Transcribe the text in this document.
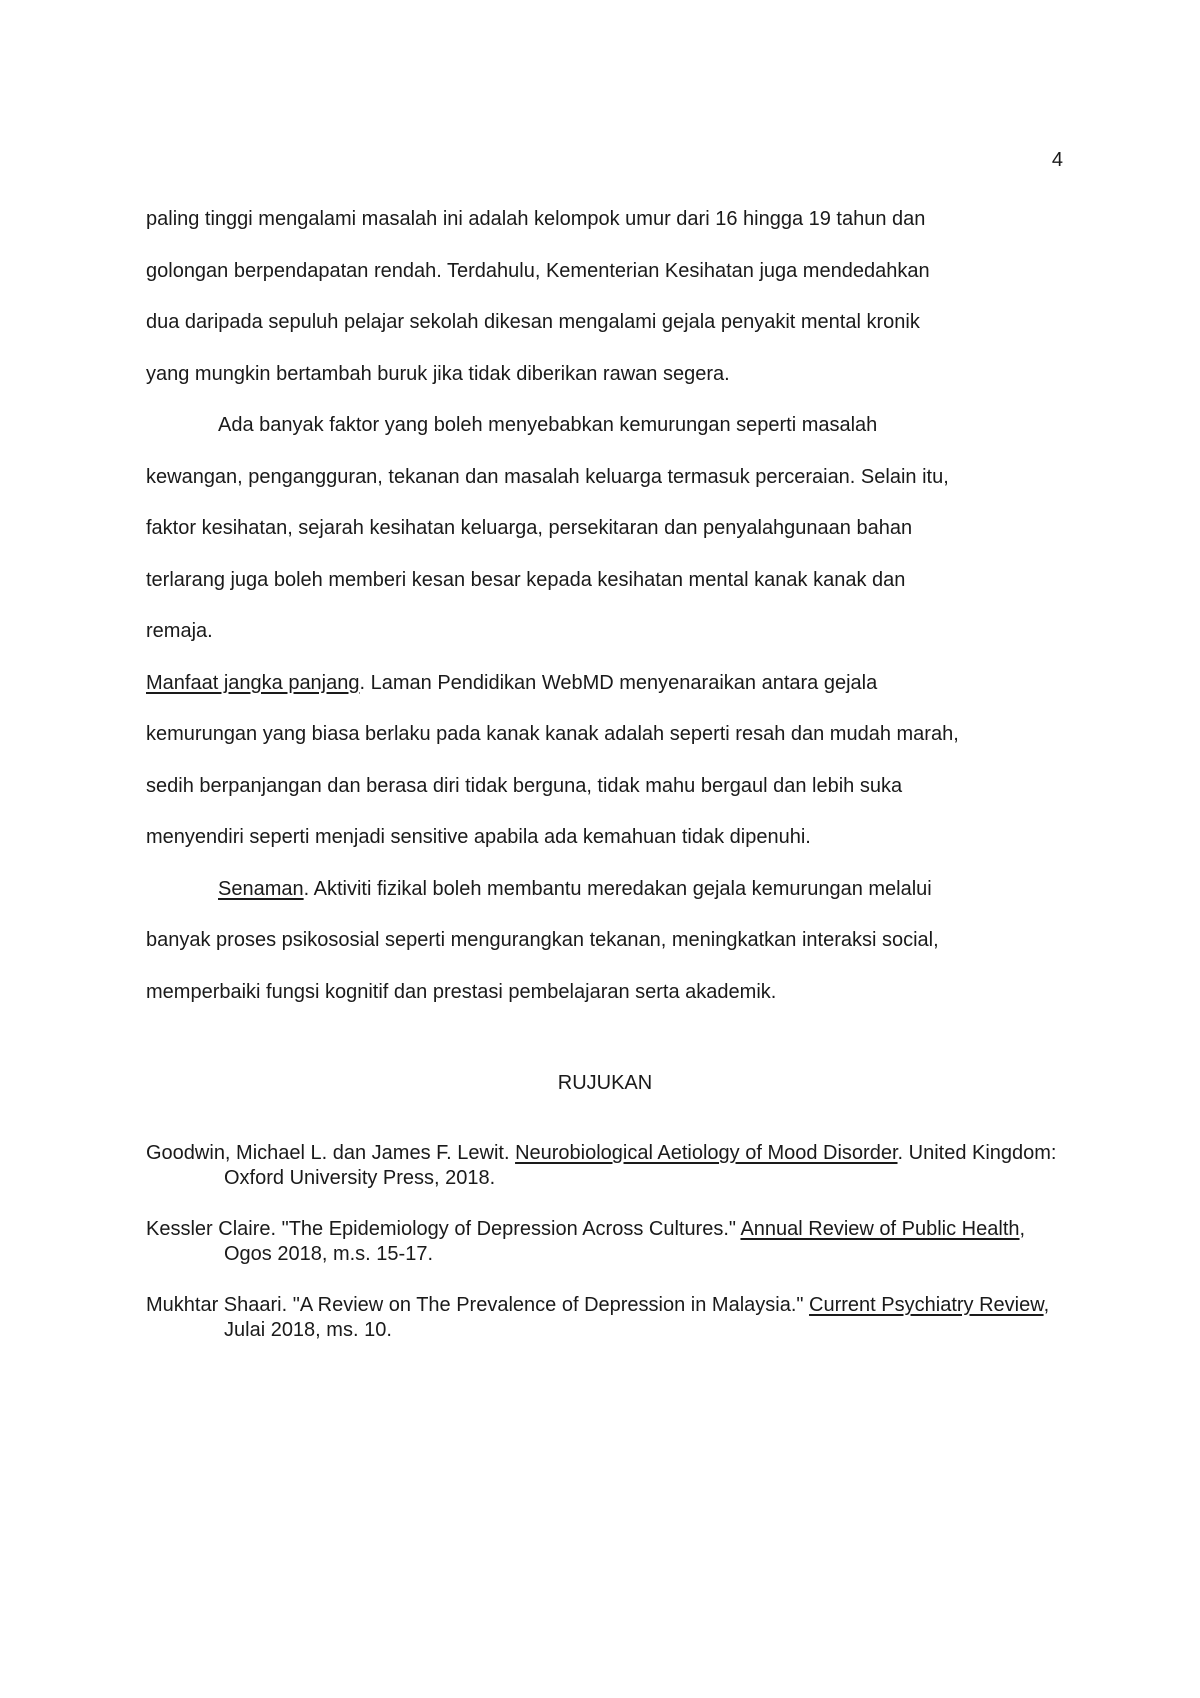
4

paling tinggi mengalami masalah ini adalah kelompok umur dari 16 hingga 19 tahun dan
golongan berpendapatan rendah. Terdahulu, Kementerian Kesihatan juga mendedahkan
dua daripada sepuluh pelajar sekolah dikesan mengalami gejala penyakit mental kronik
yang mungkin bertambah buruk jika tidak diberikan rawan segera.

Ada banyak faktor yang boleh menyebabkan kemurungan seperti masalah
kewangan, pengangguran, tekanan dan masalah keluarga termasuk perceraian. Selain itu,
faktor kesihatan, sejarah kesihatan keluarga, persekitaran dan penyalahgunaan bahan
terlarang juga boleh memberi kesan besar kepada kesihatan mental kanak kanak dan
remaja.

Manfaat jangka panjang. Laman Pendidikan WebMD menyenaraikan antara gejala
kemurungan yang biasa berlaku pada kanak kanak adalah seperti resah dan mudah marah,
sedih berpanjangan dan berasa diri tidak berguna, tidak mahu bergaul dan lebih suka
menyendiri seperti menjadi sensitive apabila ada kemahuan tidak dipenuhi.

Senaman. Aktiviti fizikal boleh membantu meredakan gejala kemurungan melalui
banyak proses psikososial seperti mengurangkan tekanan, meningkatkan interaksi social,
memperbaiki fungsi kognitif dan prestasi pembelajaran serta akademik.

RUJUKAN

Goodwin, Michael L. dan James F. Lewit. Neurobiological Aetiology of Mood Disorder. United Kingdom: Oxford University Press, 2018.

Kessler Claire. "The Epidemiology of Depression Across Cultures." Annual Review of Public Health, Ogos 2018, m.s. 15-17.

Mukhtar Shaari. "A Review on The Prevalence of Depression in Malaysia." Current Psychiatry Review, Julai 2018, ms. 10.
